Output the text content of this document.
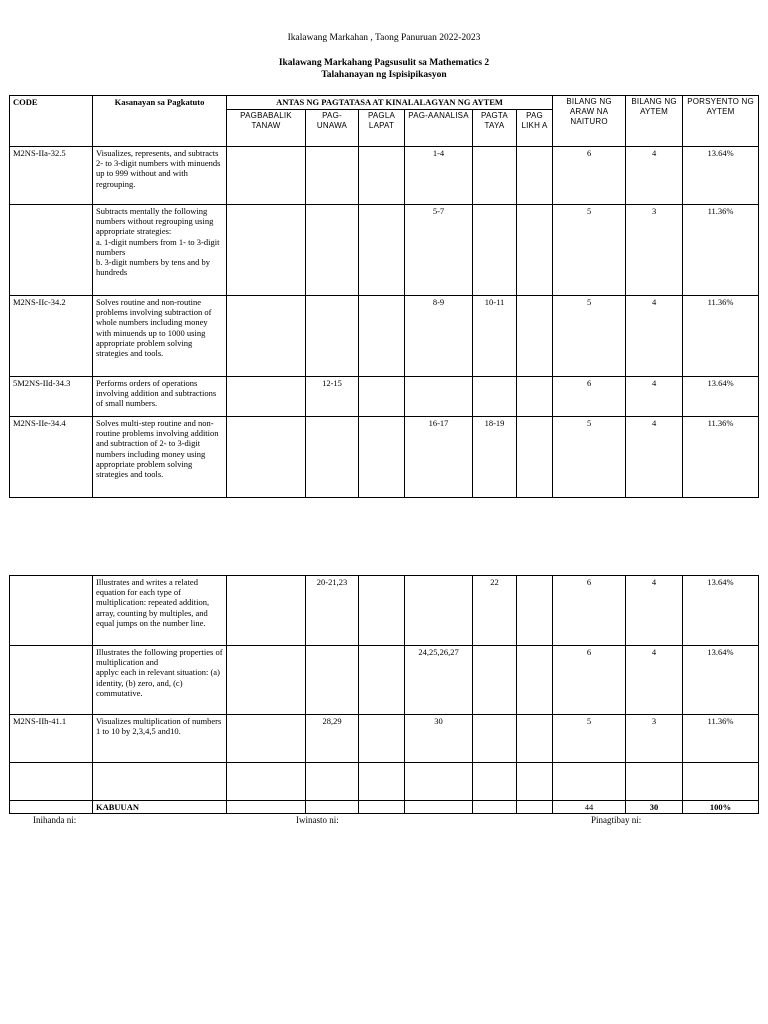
Ikalawang Markahan , Taong Panuruan 2022-2023
Ikalawang Markahang Pagsusulit sa Mathematics 2
Talahanayan ng Ispisipikasyon
CODE	Kasanayan sa Pagkatuto	ANTAS NG PAGTATASA AT KINALALAGYAN NG AYTEM						BILANG NG ARAW NA NAITURO	BILANG NG AYTEM	PORSYENTO NG AYTEM
		PAGBABALIK TANAW	PAG-UNAWA	PAGLA LAPAT	PAG-AANALISA	PAGTA TAYA	PAG LIKH A			
M2NS-IIa-32.5	Visualizes, represents, and subtracts 2- to 3-digit numbers with minuends up to 999 without and with regrouping.				1-4			6	4	13.64%
	Subtracts mentally the following numbers without regrouping using appropriate strategies:
a. 1-digit numbers from 1- to 3-digit numbers
b. 3-digit numbers by tens and by hundreds				5-7			5	3	11.36%
M2NS-IIc-34.2	Solves routine and non-routine problems involving subtraction of whole numbers including money with minuends up to 1000 using appropriate problem solving strategies and tools.				8-9	10-11		5	4	11.36%
5M2NS-IId-34.3	Performs orders of operations involving addition and subtractions of small numbers.		12-15					6	4	13.64%
M2NS-IIe-34.4	Solves multi-step routine and non-routine problems involving addition and subtraction of 2- to 3-digit numbers including money using appropriate problem solving strategies and tools.				16-17	18-19		5	4	11.36%
	Illustrates and writes a related equation for each type of multiplication: repeated addition, array, counting by multiples, and equal jumps on the number line.		20-21,23			22		6	4	13.64%
	Illustrates the following properties of multiplication and
applyc each in relevant situation: (a) identity, (b) zero, and, (c) commutative.				24,25,26,27			6	4	13.64%
M2NS-IIh-41.1	Visualizes multiplication of numbers 1 to 10 by 2,3,4,5 and10.		28,29		30			5	3	11.36%

	KABUUAN							44	30	100%
Inihanda ni:	Iwinasto ni:	Pinagtibay ni:
